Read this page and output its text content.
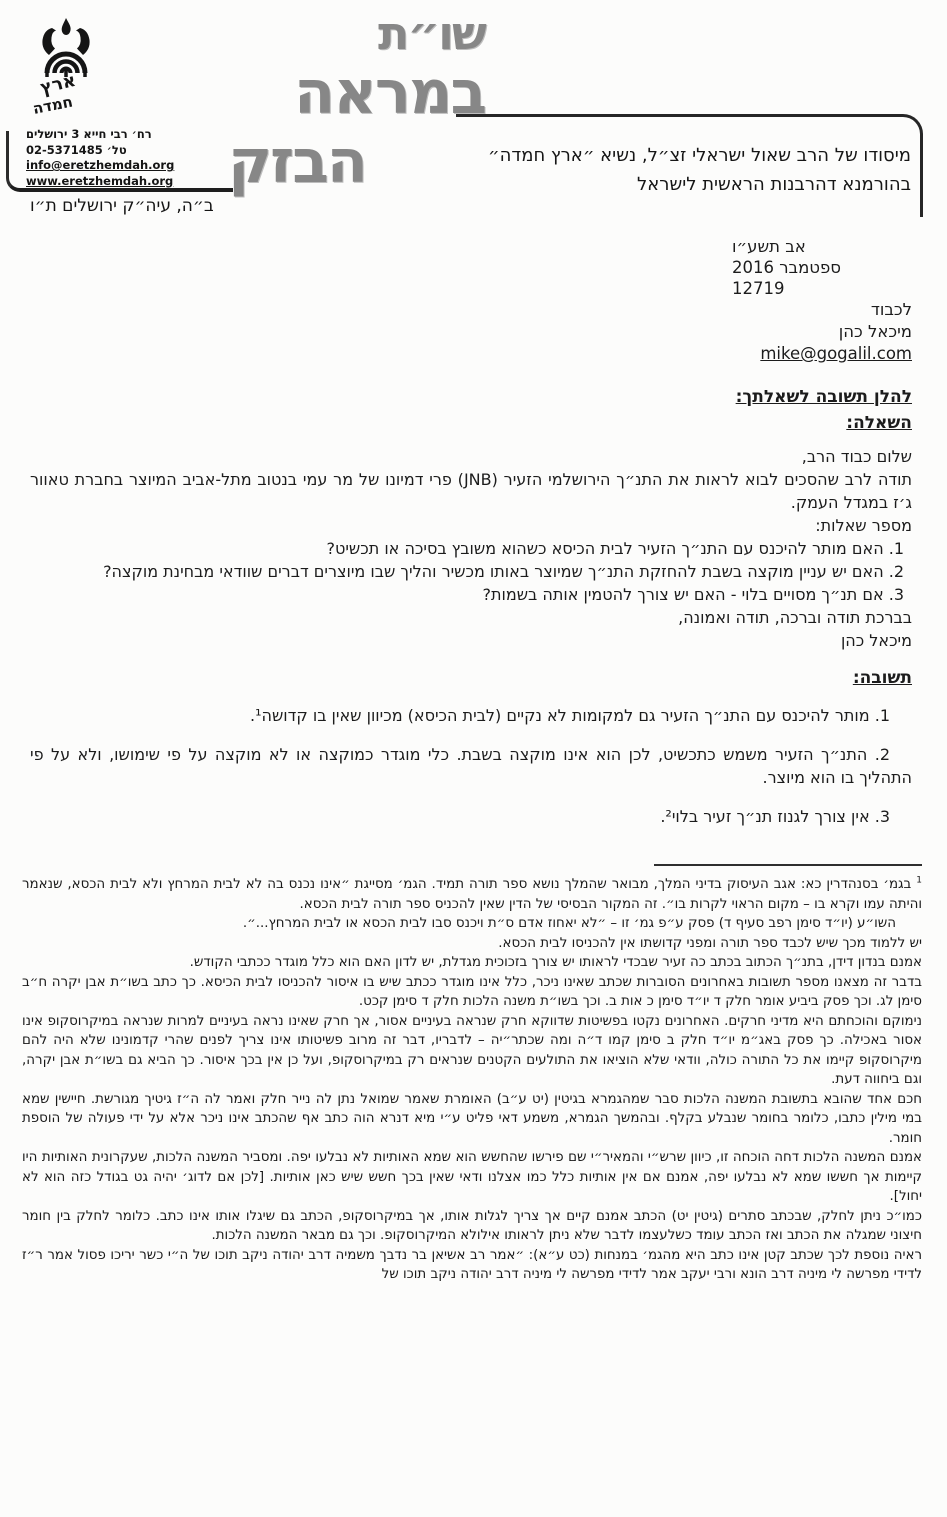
ארץ
חמדה
רח׳ רבי חייא 3 ירושלים
טל׳ 02-5371485
info@eretzhemdah.org
www.eretzhemdah.org
ב״ה, עיה״ק ירושלים ת״ו
שו״ת
במראה
הבזק	מיסודו של הרב שאול ישראלי זצ״ל, נשיא ״ארץ חמדה״
בהורמנא דהרבנות הראשית לישראל
אב תשע״ו
ספטמבר 2016
12719
לכבוד
מיכאל כהן
mike@gogalil.com
להלן תשובה לשאלתך:
השאלה:

שלום כבוד הרב,

תודה לרב שהסכים לבוא לראות את התנ״ך הירושלמי הזעיר (JNB) פרי דמיונו של מר עמי בנטוב מתל-אביב המיוצר בחברת טאוור ג׳ז במגדל העמק.

מספר שאלות:

1. האם מותר להיכנס עם התנ״ך הזעיר לבית הכיסא כשהוא משובץ בסיכה או תכשיט?

2. האם יש עניין מוקצה בשבת להחזקת התנ״ך שמיוצר באותו מכשיר והליך שבו מיוצרים דברים שוודאי מבחינת מוקצה?

3. אם תנ״ך מסויים בלוי - האם יש צורך להטמין אותה בשמות?

בברכת תודה וברכה, תודה ואמונה,

מיכאל כהן

תשובה:

1. מותר להיכנס עם התנ״ך הזעיר גם למקומות לא נקיים (לבית הכיסא) מכיוון שאין בו קדושה¹.

2. התנ״ך הזעיר משמש כתכשיט, לכן הוא אינו מוקצה בשבת. כלי מוגדר כמוקצה או לא מוקצה על פי שימושו, ולא על פי התהליך בו הוא מיוצר.

3. אין צורך לגנוז תנ״ך זעיר בלוי².

$^1$ בגמ׳ בסנהדרין כא: אגב העיסוק בדיני המלך, מבואר שהמלך נושא ספר תורה תמיד. הגמ׳ מסייגת ״אינו נכנס בה לא לבית המרחץ ולא לבית הכסא, שנאמר והיתה עמו וקרא בו – מקום הראוי לקרות בו״. זה המקור הבסיסי של הדין שאין להכניס ספר תורה לבית הכסא.

השו״ע (יו״ד סימן רפב סעיף ד) פסק ע״פ גמ׳ זו – ״לא יאחוז אדם ס״ת ויכנס סבו לבית הכסא או לבית המרחץ...״.

יש ללמוד מכך שיש לכבד ספר תורה ומפני קדושתו אין להכניסו לבית הכסא.

אמנם בנדון דידן, בתנ״ך הכתוב בכתב כה זעיר שבכדי לראותו יש צורך בזכוכית מגדלת, יש לדון האם הוא כלל מוגדר ככתבי הקודש.

בדבר זה מצאנו מספר תשובות באחרונים הסוברות שכתב שאינו ניכר, כלל אינו מוגדר ככתב שיש בו איסור להכניסו לבית הכיסא. כך כתב בשו״ת אבן יקרה ח״ב סימן לג. וכך פסק ביביע אומר חלק ד יו״ד סימן כ אות ב. וכך בשו״ת משנה הלכות חלק ד סימן קכט.

נימוקם והוכחתם היא מדיני חרקים. האחרונים נקטו בפשיטות שדווקא חרק שנראה בעיניים אסור, אך חרק שאינו נראה בעיניים למרות שנראה במיקרוסקופ אינו אסור באכילה. כך פסק באג״מ יו״ד חלק ב סימן קמו ד״ה ומה שכתר״יה – לדבריו, דבר זה מרוב פשיטותו אינו צריך לפנים שהרי קדמונינו שלא היה להם מיקרוסקופ קיימו את כל התורה כולה, וודאי שלא הוציאו את התולעים הקטנים שנראים רק במיקרוסקופ, ועל כן אין בכך איסור. כך הביא גם בשו״ת אבן יקרה, וגם ביחווה דעת.

חכם אחד שהובא בתשובת המשנה הלכות סבר שמהגמרא בגיטין (יט ע״ב) האומרת שאמר שמואל נתן לה נייר חלק ואמר לה ה״ז גיטיך מגורשת. חיישין שמא במי מילין כתבו, כלומר בחומר שנבלע בקלף. ובהמשך הגמרא, משמע דאי פליט ע״י מיא דנרא הוה כתב אף שהכתב אינו ניכר אלא על ידי פעולה של הוספת חומר.

אמנם המשנה הלכות דחה הוכחה זו, כיוון שרש״י והמאיר״י שם פירשו שהחשש הוא שמא האותיות לא נבלעו יפה. ומסביר המשנה הלכות, שעקרונית האותיות היו קיימות אך חששו שמא לא נבלעו יפה, אמנם אם אין אותיות כלל כמו אצלנו ודאי שאין בכך חשש שיש כאן אותיות. [לכן אם לדוג׳ יהיה גט בגודל כזה הוא לא יחול].

כמו״כ ניתן לחלק, שבכתב סתרים (גיטין יט) הכתב אמנם קיים אך צריך לגלות אותו, אך במיקרוסקופ, הכתב גם שיגלו אותו אינו כתב. כלומר לחלק בין חומר חיצוני שמגלה את הכתב ואז הכתב עומד כשלעצמו לדבר שלא ניתן לראותו אילולא המיקרוסקופ. וכך גם מבאר המשנה הלכות.

ראיה נוספת לכך שכתב קטן אינו כתב היא מהגמ׳ במנחות (כט ע״א): ״אמר רב אשיאן בר נדבך משמיה דרב יהודה ניקב תוכו של ה״י כשר יריכו פסול אמר ר״ז לדידי מפרשה לי מיניה דרב הונא ורבי יעקב אמר לדידי מפרשה לי מיניה דרב יהודה ניקב תוכו של
